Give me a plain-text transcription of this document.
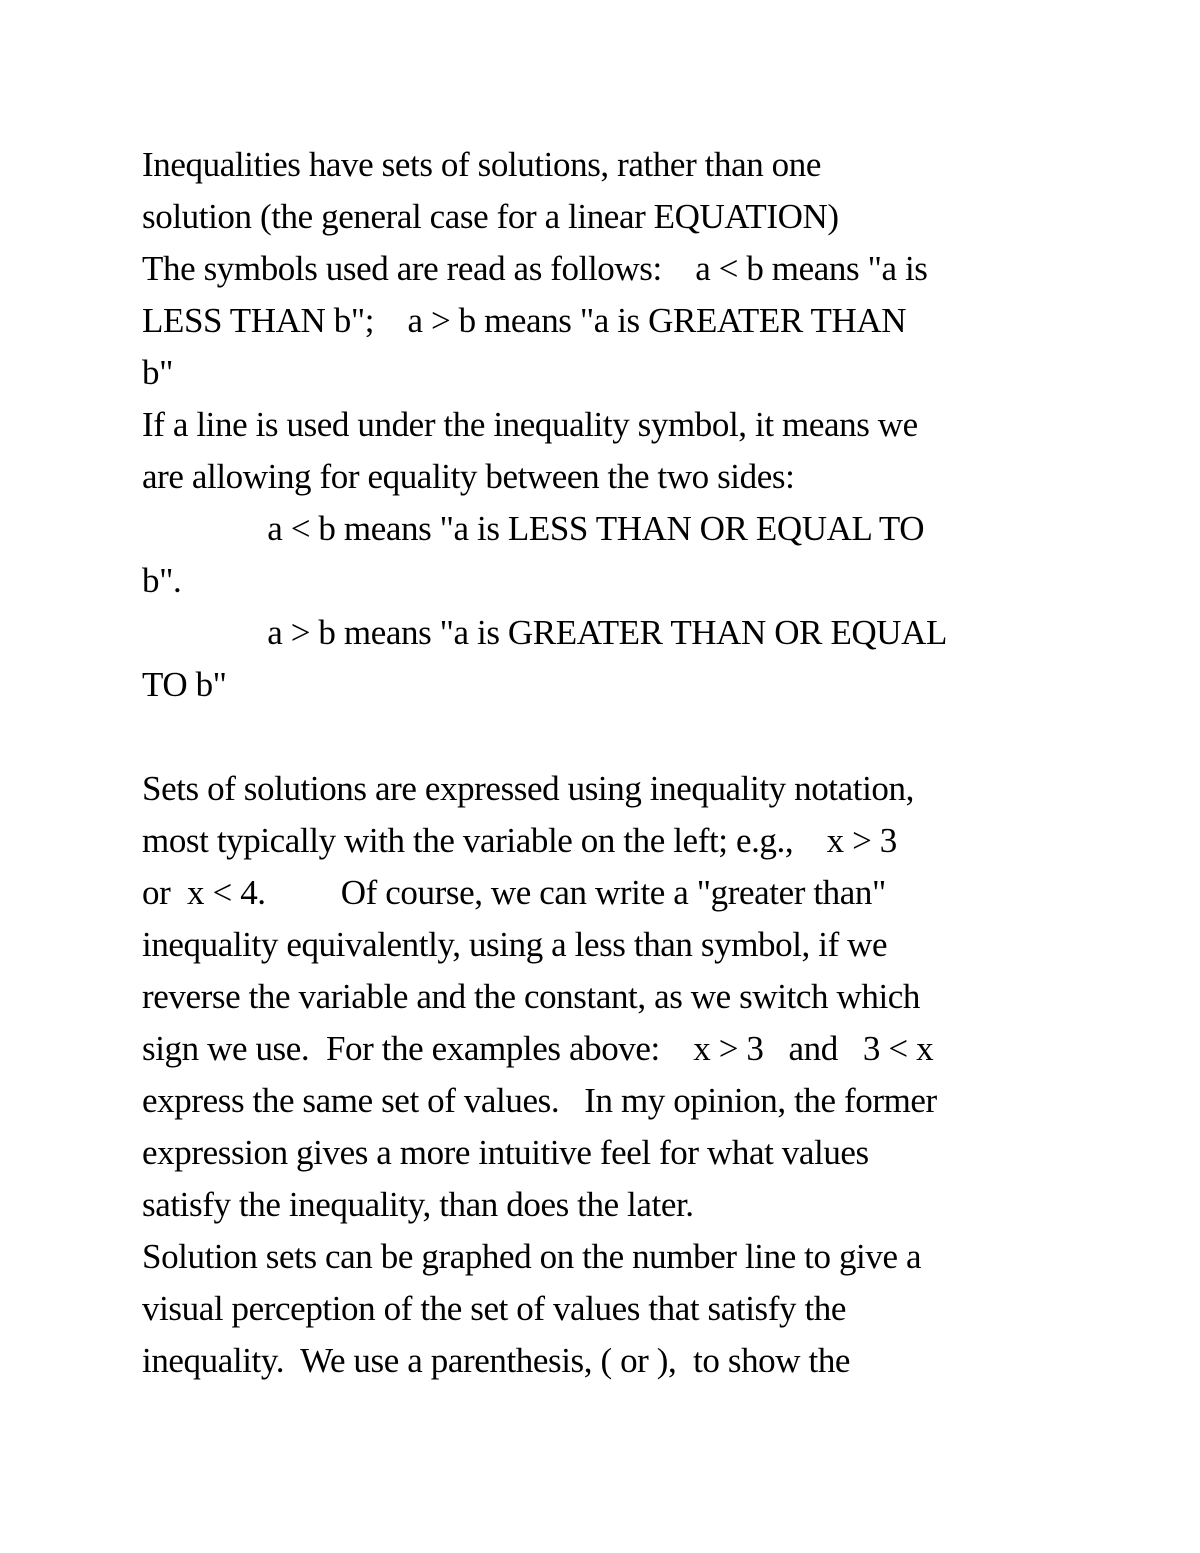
Inequalities have sets of solutions, rather than one
solution (the general case for a linear EQUATION)
The symbols used are read as follows:    a < b means "a is
LESS THAN b";    a > b means "a is GREATER THAN
b"
If a line is used under the inequality symbol, it means we
are allowing for equality between the two sides:
a < b means "a is LESS THAN OR EQUAL TO
b".
a > b means "a is GREATER THAN OR EQUAL
TO b"
Sets of solutions are expressed using inequality notation,
most typically with the variable on the left; e.g.,    x > 3
or  x < 4.         Of course, we can write a "greater than"
inequality equivalently, using a less than symbol, if we
reverse the variable and the constant, as we switch which
sign we use.  For the examples above:    x > 3   and   3 < x
express the same set of values.   In my opinion, the former
expression gives a more intuitive feel for what values
satisfy the inequality, than does the later.
Solution sets can be graphed on the number line to give a
visual perception of the set of values that satisfy the
inequality.  We use a parenthesis, ( or ),  to show the
